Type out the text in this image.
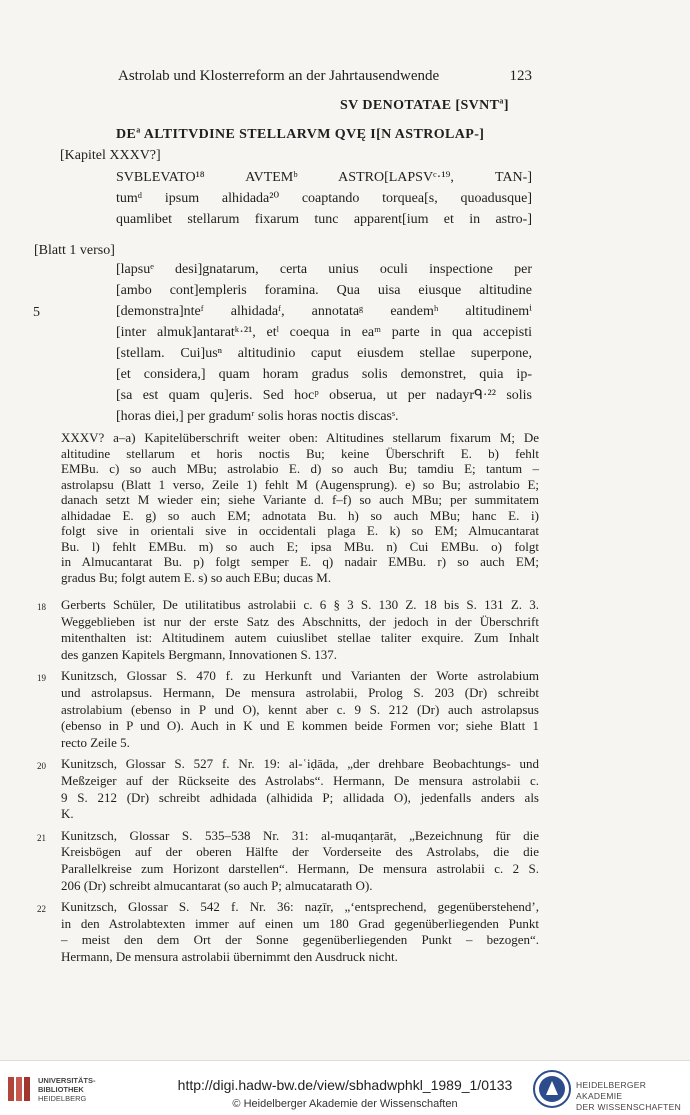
Astrolab und Klosterreform an der Jahrtausendwende	123
SV DENOTATAE [SVNT$^a$]
$DE^a$ ALTITVDINE STELLARVM QVĘ I[N ASTROLAP-]
[Kapitel XXXV?]
[Blatt 1 verso]
5
SVBLEVATO¹⁸ AVTEMᵇ ASTRO[LAPSVᶜ·¹⁹, TAN-]
tumᵈ ipsum alhidada²⁰ coaptando torquea[s, quoadusque]
quamlibet stellarum fixarum tunc apparent[ium et in astro-]
[lapsuᵉ desi]gnatarum, certa unius oculi inspectione per
[ambo cont]empleris foramina. Qua uisa eiusque altitudine
[demonstra]nteᶠ alhidadaᶠ, annotataᵍ eandemʰ altitudinemⁱ
[inter almuk]antaratᵏ·²¹, etˡ coequa in eaᵐ parte in qua accepisti
[stellam. Cui]usⁿ altitudinio caput eiusdem stellae superpone,
[et considera,] quam horam gradus solis demonstret, quia ip-
[sa est quam qu]eris. Sed hocᵖ obserua, ut per nadayrᑫ·²² solis
[horas diei,] per gradumʳ solis horas noctis discasˢ.
XXXV? a–a) Kapitelüberschrift weiter oben: Altitudines stellarum fixarum M; De
altitudine stellarum et horis noctis Bu; keine Überschrift E. b) fehlt
EMBu. c) so auch MBu; astrolabio E. d) so auch Bu; tamdiu E; tantum –
astrolapsu (Blatt 1 verso, Zeile 1) fehlt M (Augensprung). e) so Bu; astrolabio E;
danach setzt M wieder ein; siehe Variante d. f–f) so auch MBu; per summitatem
alhidadae E. g) so auch EM; adnotata Bu. h) so auch MBu; hanc E. i)
folgt sive in orientali sive in occidentali plaga E. k) so EM; Almucantarat
Bu. l) fehlt EMBu. m) so auch E; ipsa MBu. n) Cui EMBu. o) folgt
in Almucantarat Bu. p) folgt semper E. q) nadair EMBu. r) so auch EM;
gradus Bu; folgt autem E. s) so auch EBu; ducas M.
18 Gerberts Schüler, De utilitatibus astrolabii c. 6 § 3 S. 130 Z. 18 bis S. 131 Z. 3.
Weggeblieben ist nur der erste Satz des Abschnitts, der jedoch in der Überschrift
mitenthalten ist: Altitudinem autem cuiuslibet stellae taliter exquire. Zum Inhalt
des ganzen Kapitels Bergmann, Innovationen S. 137.
19 Kunitzsch, Glossar S. 470 f. zu Herkunft und Varianten der Worte astrolabium
und astrolapsus. Hermann, De mensura astrolabii, Prolog S. 203 (Dr) schreibt
astrolabium (ebenso in P und O), kennt aber c. 9 S. 212 (Dr) auch astrolapsus
(ebenso in P und O). Auch in K und E kommen beide Formen vor; siehe Blatt 1
recto Zeile 5.
20 Kunitzsch, Glossar S. 527 f. Nr. 19: al-ʿiḍāda, „der drehbare Beobachtungs- und
Meßzeiger auf der Rückseite des Astrolabs“. Hermann, De mensura astrolabii c.
9 S. 212 (Dr) schreibt adhidada (alhidida P; allidada O), jedenfalls anders als
K.
21 Kunitzsch, Glossar S. 535–538 Nr. 31: al-muqanṭarāt, „Bezeichnung für die
Kreisbögen auf der oberen Hälfte der Vorderseite des Astrolabs, die die
Parallelkreise zum Horizont darstellen“. Hermann, De mensura astrolabii c. 2 S.
206 (Dr) schreibt almucantarat (so auch P; almucatarath O).
22 Kunitzsch, Glossar S. 542 f. Nr. 36: naẓīr, „‘entsprechend, gegenüberstehend’,
in den Astrolabtexten immer auf einen um 180 Grad gegenüberliegenden Punkt
– meist den dem Ort der Sonne gegenüberliegenden Punkt – bezogen“.
Hermann, De mensura astrolabii übernimmt den Ausdruck nicht.
UNIVERSITÄTS-
BIBLIOTHEK
HEIDELBERG
http://digi.hadw-bw.de/view/sbhadwphkl_1989_1/0133
© Heidelberger Akademie der Wissenschaften
HEIDELBERGER AKADEMIE
DER WISSENSCHAFTEN
